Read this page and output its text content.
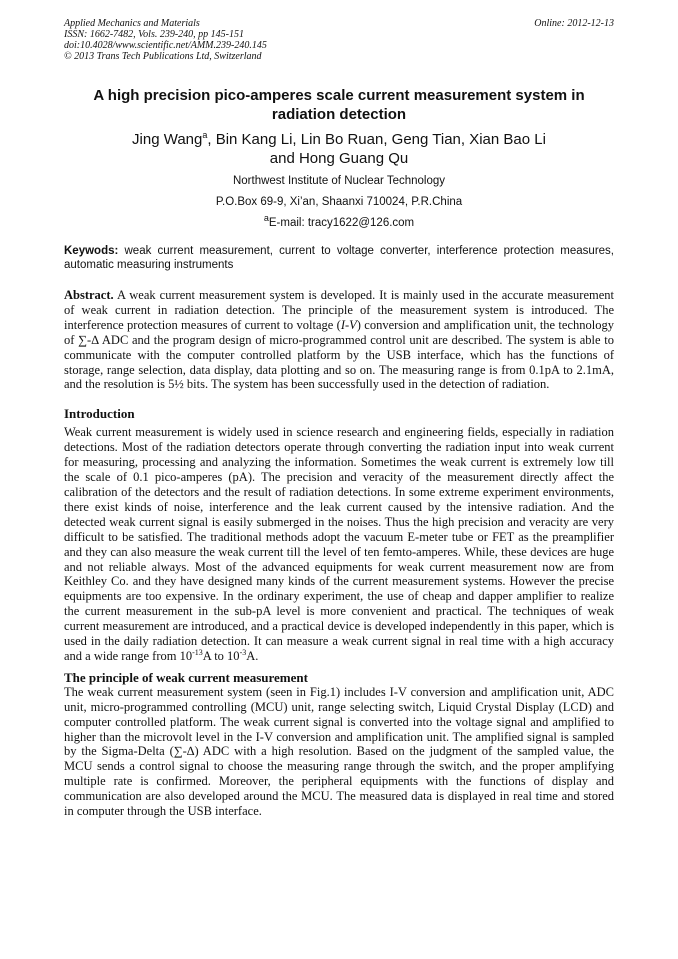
Applied Mechanics and Materials	Online: 2012-12-13
ISSN: 1662-7482, Vols. 239-240, pp 145-151
doi:10.4028/www.scientific.net/AMM.239-240.145
© 2013 Trans Tech Publications Ltd, Switzerland
A high precision pico-amperes scale current measurement system in radiation detection
Jing Wang$^a$, Bin Kang Li, Lin Bo Ruan, Geng Tian, Xian Bao Li
and Hong Guang Qu
Northwest Institute of Nuclear Technology
P.O.Box 69-9, Xi’an, Shaanxi 710024, P.R.China
$^a$E-mail: tracy1622@126.com
Keywods: weak current measurement, current to voltage converter, interference protection measures, automatic measuring instruments
Abstract. A weak current measurement system is developed. It is mainly used in the accurate measurement of weak current in radiation detection. The principle of the measurement system is introduced. The interference protection measures of current to voltage (I-V) conversion and amplification unit, the technology of ∑-∆ ADC and the program design of micro-programmed control unit are described. The system is able to communicate with the computer controlled platform by the USB interface, which has the functions of storage, range selection, data display, data plotting and so on. The measuring range is from 0.1pA to 2.1mA, and the resolution is 5½ bits. The system has been successfully used in the detection of radiation.
Introduction
Weak current measurement is widely used in science research and engineering fields, especially in radiation detections. Most of the radiation detectors operate through converting the radiation input into weak current for measuring, processing and analyzing the information. Sometimes the weak current is extremely low till the scale of 0.1 pico-amperes (pA). The precision and veracity of the measurement directly affect the calibration of the detectors and the result of radiation detections. In some extreme experiment environments, there exist kinds of noise, interference and the leak current caused by the intensive radiation. And the detected weak current signal is easily submerged in the noises. Thus the high precision and veracity are very difficult to be satisfied. The traditional methods adopt the vacuum E-meter tube or FET as the preamplifier and they can also measure the weak current till the level of ten femto-amperes. While, these devices are huge and not reliable always. Most of the advanced equipments for weak current measurement now are from Keithley Co. and they have designed many kinds of the current measurement systems. However the precise equipments are too expensive. In the ordinary experiment, the use of cheap and dapper amplifier to realize the current measurement in the sub-pA level is more convenient and practical. The techniques of weak current measurement are introduced, and a practical device is developed independently in this paper, which is used in the daily radiation detection. It can measure a weak current signal in real time with a high accuracy and a wide range from $10^{-13}A$ to $10^{-3}A$.
The principle of weak current measurement
The weak current measurement system (seen in Fig.1) includes I-V conversion and amplification unit, ADC unit, micro-programmed controlling (MCU) unit, range selecting switch, Liquid Crystal Display (LCD) and computer controlled platform. The weak current signal is converted into the voltage signal and amplified to higher than the microvolt level in the I-V conversion and amplification unit. The amplified signal is sampled by the Sigma-Delta (∑-∆) ADC with a high resolution. Based on the judgment of the sampled value, the MCU sends a control signal to choose the measuring range through the switch, and the proper amplifying multiple rate is confirmed. Moreover, the peripheral equipments with the functions of display and communication are also developed around the MCU. The measured data is displayed in real time and stored in computer through the USB interface.
